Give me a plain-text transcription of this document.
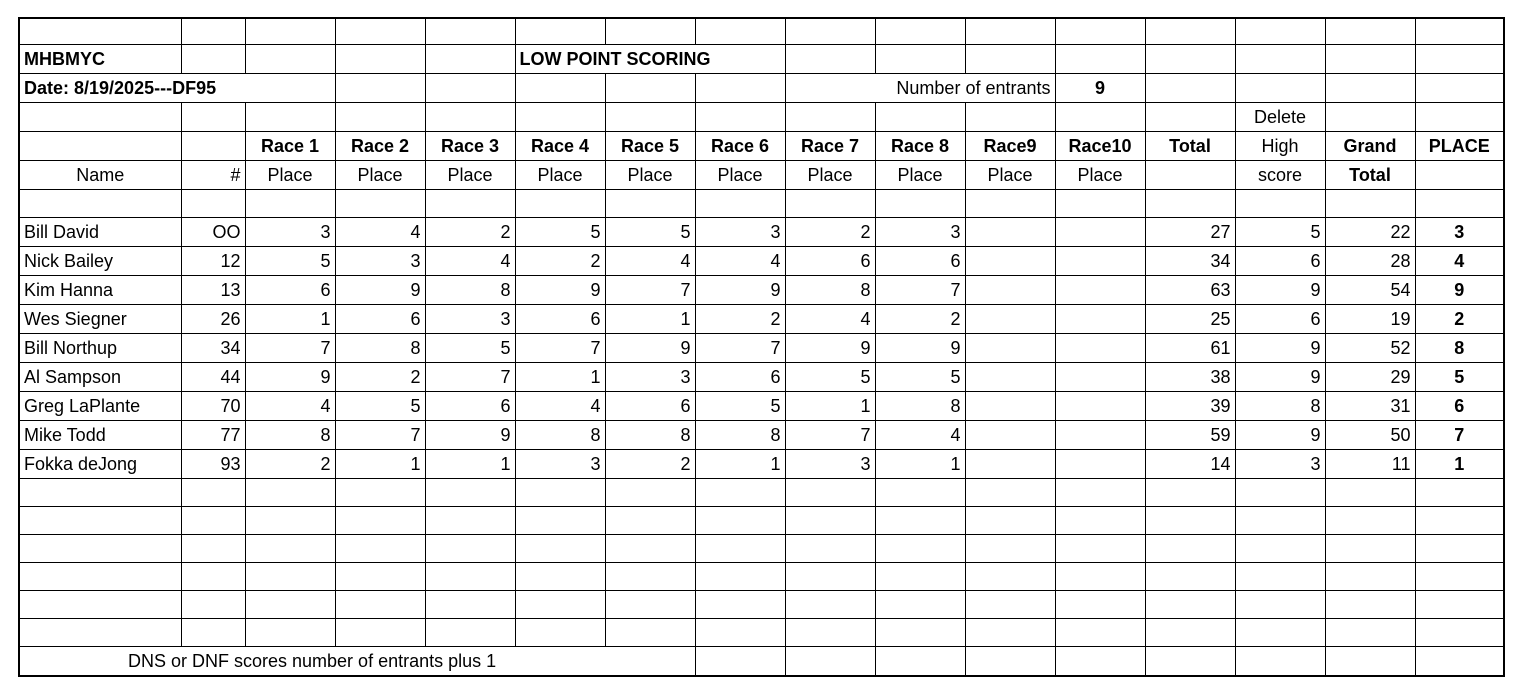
MHBMYC					LOW POINT SCORING										
Date: 8/19/2025---DF95								Number of entrants			9				
													Delete		
		Race 1	Race 2	Race 3	Race 4	Race 5	Race 6	Race 7	Race 8	Race9	Race10	Total	High	Grand	PLACE
Name	#	Place	Place	Place	Place	Place	Place	Place	Place	Place	Place		score	Total	

Bill David	OO	3	4	2	5	5	3	2	3			27	5	22	3
Nick Bailey	12	5	3	4	2	4	4	6	6			34	6	28	4
Kim Hanna	13	6	9	8	9	7	9	8	7			63	9	54	9
Wes Siegner	26	1	6	3	6	1	2	4	2			25	6	19	2
Bill Northup	34	7	8	5	7	9	7	9	9			61	9	52	8
Al Sampson	44	9	2	7	1	3	6	5	5			38	9	29	5
Greg LaPlante	70	4	5	6	4	6	5	1	8			39	8	31	6
Mike Todd	77	8	7	9	8	8	8	7	4			59	9	50	7
Fokka deJong	93	2	1	1	3	2	1	3	1			14	3	11	1

DNS or DNF scores number of entrants plus 1															
